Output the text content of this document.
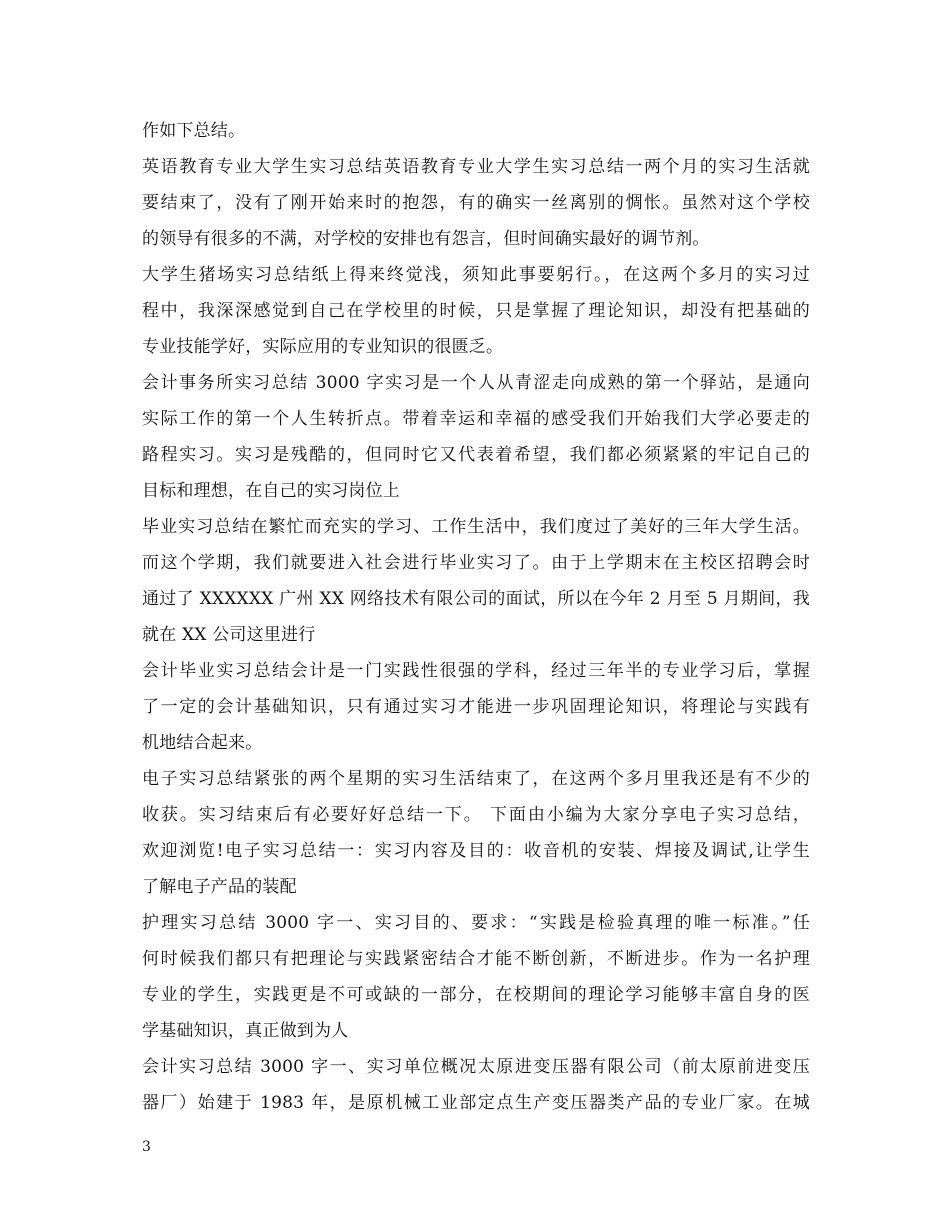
作如下总结。
英语教育专业大学生实习总结英语教育专业大学生实习总结一两个月的实习生活就
要结束了，没有了刚开始来时的抱怨，有的确实一丝离别的惆怅。虽然对这个学校
的领导有很多的不满，对学校的安排也有怨言，但时间确实最好的调节剂。
大学生猪场实习总结纸上得来终觉浅，须知此事要躬行。，在这两个多月的实习过
程中，我深深感觉到自己在学校里的时候，只是掌握了理论知识，却没有把基础的
专业技能学好，实际应用的专业知识的很匮乏。
会计事务所实习总结 3000 字实习是一个人从青涩走向成熟的第一个驿站，是通向
实际工作的第一个人生转折点。带着幸运和幸福的感受我们开始我们大学必要走的
路程实习。实习是残酷的，但同时它又代表着希望，我们都必须紧紧的牢记自己的
目标和理想，在自己的实习岗位上
毕业实习总结在繁忙而充实的学习、工作生活中，我们度过了美好的三年大学生活。
而这个学期，我们就要进入社会进行毕业实习了。由于上学期末在主校区招聘会时
通过了 XXXXXX 广州 XX 网络技术有限公司的面试，所以在今年 2 月至 5 月期间，我
就在 XX 公司这里进行
会计毕业实习总结会计是一门实践性很强的学科，经过三年半的专业学习后，掌握
了一定的会计基础知识，只有通过实习才能进一步巩固理论知识，将理论与实践有
机地结合起来。
电子实习总结紧张的两个星期的实习生活结束了，在这两个多月里我还是有不少的
收获。实习结束后有必要好好总结一下。 下面由小编为大家分享电子实习总结，
欢迎浏览!电子实习总结一：实习内容及目的：收音机的安装、焊接及调试,让学生
了解电子产品的装配
护理实习总结 3000 字一、实习目的、要求：“实践是检验真理的唯一标准。”任
何时候我们都只有把理论与实践紧密结合才能不断创新，不断进步。作为一名护理
专业的学生，实践更是不可或缺的一部分，在校期间的理论学习能够丰富自身的医
学基础知识，真正做到为人
会计实习总结 3000 字一、实习单位概况太原进变压器有限公司（前太原前进变压
器厂）始建于 1983 年，是原机械工业部定点生产变压器类产品的专业厂家。在城
3
